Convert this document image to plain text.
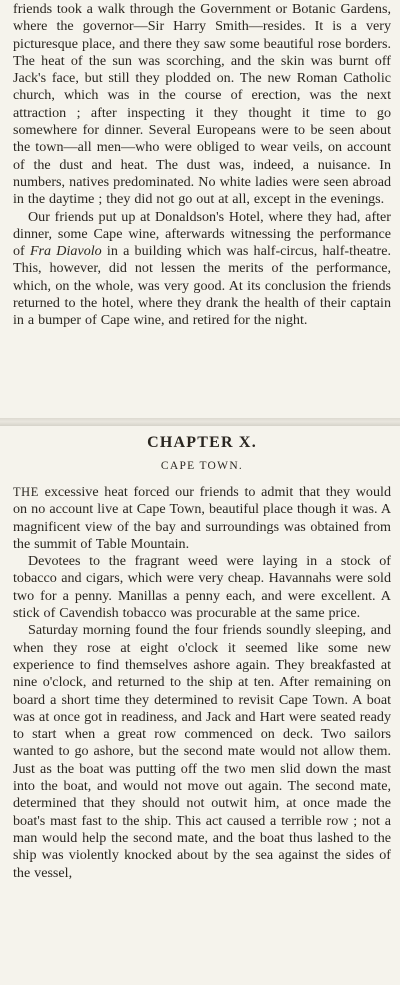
friends took a walk through the Government or Botanic Gardens, where the governor—Sir Harry Smith—resides. It is a very picturesque place, and there they saw some beautiful rose borders. The heat of the sun was scorching, and the skin was burnt off Jack's face, but still they plodded on. The new Roman Catholic church, which was in the course of erection, was the next attraction ; after inspecting it they thought it time to go somewhere for dinner. Several Europeans were to be seen about the town—all men—who were obliged to wear veils, on account of the dust and heat. The dust was, indeed, a nuisance. In numbers, natives predominated. No white ladies were seen abroad in the daytime ; they did not go out at all, except in the evenings.

Our friends put up at Donaldson's Hotel, where they had, after dinner, some Cape wine, afterwards witnessing the performance of Fra Diavolo in a building which was half-circus, half-theatre. This, however, did not lessen the merits of the performance, which, on the whole, was very good. At its conclusion the friends returned to the hotel, where they drank the health of their captain in a bumper of Cape wine, and retired for the night.

CHAPTER X.
CAPE TOWN.

THE excessive heat forced our friends to admit that they would on no account live at Cape Town, beautiful place though it was. A magnificent view of the bay and surroundings was obtained from the summit of Table Mountain.

Devotees to the fragrant weed were laying in a stock of tobacco and cigars, which were very cheap. Havannahs were sold two for a penny. Manillas a penny each, and were excellent. A stick of Cavendish tobacco was procurable at the same price.

Saturday morning found the four friends soundly sleeping, and when they rose at eight o'clock it seemed like some new experience to find themselves ashore again. They breakfasted at nine o'clock, and returned to the ship at ten. After remaining on board a short time they determined to revisit Cape Town. A boat was at once got in readiness, and Jack and Hart were seated ready to start when a great row commenced on deck. Two sailors wanted to go ashore, but the second mate would not allow them. Just as the boat was putting off the two men slid down the mast into the boat, and would not move out again. The second mate, determined that they should not outwit him, at once made the boat's mast fast to the ship. This act caused a terrible row ; not a man would help the second mate, and the boat thus lashed to the ship was violently knocked about by the sea against the sides of the vessel,
